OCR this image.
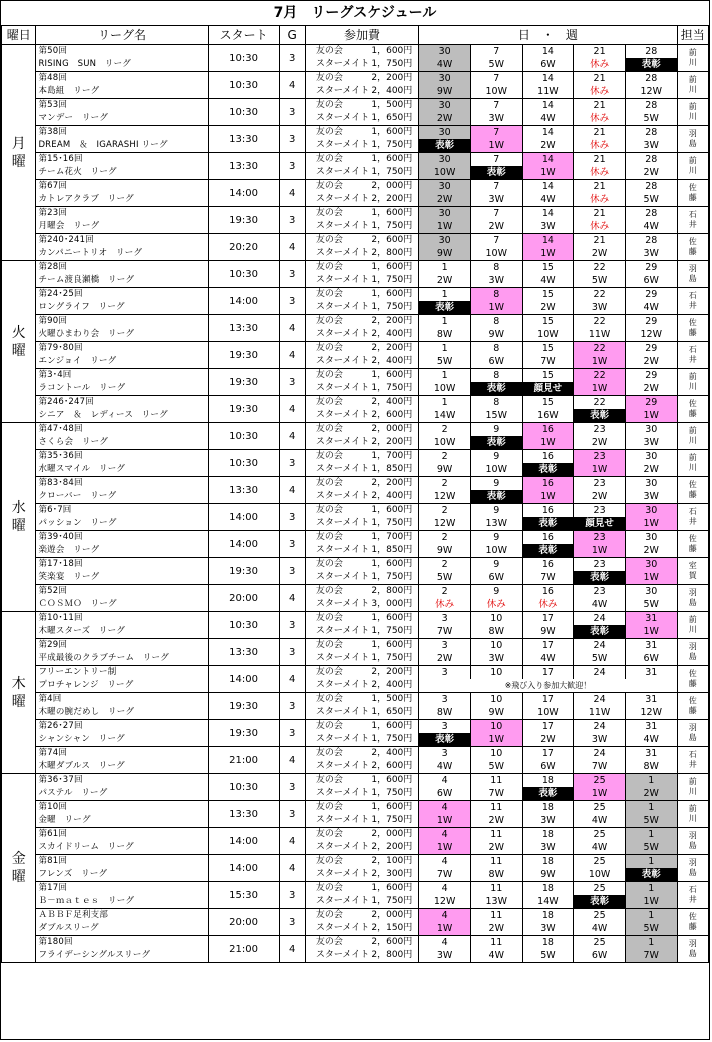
7月　リーグスケジュール											
曜日	リーグ名	スタート	G	参加費		日　・　週					担当
月
曜	第50回	10:30	3	友の会	1，600円	30	7	14	21	28	前
川
	RISING　SUN　リーグ			スターメイト	1，750円	4W	5W	6W	休み	表彰	
	第48回	10:30	4	友の会	2，200円	30	7	14	21	28	前
川
	本島組　リーグ			スターメイト	2，400円	9W	10W	11W	休み	12W	
	第53回	10:30	3	友の会	1，500円	30	7	14	21	28	前
川
	マンデー　リーグ			スターメイト	1，650円	2W	3W	4W	休み	5W	
	第38回	13:30	3	友の会	1，600円	30	7	14	21	28	羽
島
	DREAM　＆　IGARASHI リーグ			スターメイト	1，750円	表彰	1W	2W	休み	3W	
	第15･16回	13:30	3	友の会	1，600円	30	7	14	21	28	前
川
	チーム花火　リーグ			スターメイト	1，750円	10W	表彰	1W	休み	2W	
	第67回	14:00	4	友の会	2，000円	30	7	14	21	28	佐
藤
	カトレアクラブ　リーグ			スターメイト	2，200円	2W	3W	4W	休み	5W	
	第23回	19:30	3	友の会	1，600円	30	7	14	21	28	石
井
	月曜会　リーグ			スターメイト	1，750円	1W	2W	3W	休み	4W	
	第240･241回	20:20	4	友の会	2，600円	30	7	14	21	28	佐
藤
	カンパニートリオ　リーグ			スターメイト	2，800円	9W	10W	1W	2W	3W	
火
曜	第28回	10:30	3	友の会	1，600円	1	8	15	22	29	羽
島
	チーム渡良瀬橋　リーグ			スターメイト	1，750円	2W	3W	4W	5W	6W	
	第24･25回	14:00	3	友の会	1，600円	1	8	15	22	29	石
井
	ロングライフ　リーグ			スターメイト	1，750円	表彰	1W	2W	3W	4W	
	第90回	13:30	4	友の会	2，200円	1	8	15	22	29	佐
藤
	火曜ひまわり会　リーグ			スターメイト	2，400円	8W	9W	10W	11W	12W	
	第79･80回	19:30	4	友の会	2，200円	1	8	15	22	29	石
井
	エンジョイ　リーグ			スターメイト	2，400円	5W	6W	7W	1W	2W	
	第3･4回	19:30	3	友の会	1，600円	1	8	15	22	29	前
川
	ラコントール　リーグ			スターメイト	1，750円	10W	表彰	顔見せ	1W	2W	
	第246･247回	19:30	4	友の会	2，400円	1	8	15	22	29	佐
藤
	シニア　＆　レディース　リーグ			スターメイト	2，600円	14W	15W	16W	表彰	1W	
水
曜	第47･48回	10:30	4	友の会	2，000円	2	9	16	23	30	前
川
	さくら会　リーグ			スターメイト	2，200円	10W	表彰	1W	2W	3W	
	第35･36回	10:30	3	友の会	1，700円	2	9	16	23	30	前
川
	水曜スマイル　リーグ			スターメイト	1，850円	9W	10W	表彰	1W	2W	
	第83･84回	13:30	4	友の会	2，200円	2	9	16	23	30	佐
藤
	クローバー　リーグ			スターメイト	2，400円	12W	表彰	1W	2W	3W	
	第6･7回	14:00	3	友の会	1，600円	2	9	16	23	30	石
井
	パッション　リーグ			スターメイト	1，750円	12W	13W	表彰	顔見せ	1W	
	第39･40回	14:00	3	友の会	1，700円	2	9	16	23	30	佐
藤
	楽遊会　リーグ			スターメイト	1，850円	9W	10W	表彰	1W	2W	
	第17･18回	19:30	3	友の会	1，600円	2	9	16	23	30	室
賀
	笑楽宴　リーグ			スターメイト	1，750円	5W	6W	7W	表彰	1W	
	第52回	20:00	4	友の会	2，800円	2	9	16	23	30	羽
島
	ＣＯＳＭＯ　リーグ			スターメイト	3，000円	休み	休み	休み	4W	5W	
木
曜	第10･11回	10:30	3	友の会	1，600円	3	10	17	24	31	前
川
	木曜スターズ　リーグ			スターメイト	1，750円	7W	8W	9W	表彰	1W	
	第29回	13:30	3	友の会	1，600円	3	10	17	24	31	羽
島
	平成最後のクラブチーム　リーグ			スターメイト	1，750円	2W	3W	4W	5W	6W	
	フリーエントリー制	14:00	4	友の会	2，200円	3	10	17	24	31	佐
藤
	プロチャレンジ　リーグ			スターメイト	2，400円	※飛び入り参加大歓迎！					
	第4回	19:30	3	友の会	1，500円	3	10	17	24	31	佐
藤
	木曜の腕だめし　リーグ			スターメイト	1，650円	8W	9W	10W	11W	12W	
	第26･27回	19:30	3	友の会	1，600円	3	10	17	24	31	羽
島
	シャンシャン　リーグ			スターメイト	1，750円	表彰	1W	2W	3W	4W	
	第74回	21:00	4	友の会	2，400円	3	10	17	24	31	石
井
	木曜ダブルス　リーグ			スターメイト	2，600円	4W	5W	6W	7W	8W	
金
曜	第36･37回	10:30	3	友の会	1，600円	4	11	18	25	1	前
川
	パステル　リーグ			スターメイト	1，750円	6W	7W	表彰	1W	2W	
	第10回	13:30	3	友の会	1，600円	4	11	18	25	1	前
川
	金曜　リーグ			スターメイト	1，750円	1W	2W	3W	4W	5W	
	第61回	14:00	4	友の会	2，000円	4	11	18	25	1	羽
島
	スカイドリーム　リーグ			スターメイト	2，200円	1W	2W	3W	4W	5W	
	第81回	14:00	4	友の会	2，100円	4	11	18	25	1	羽
島
	フレンズ　リーグ			スターメイト	2，300円	7W	8W	9W	10W	表彰	
	第17回	15:30	3	友の会	1，600円	4	11	18	25	1	石
井
	Ｂ－ｍａｔｅｓ　リーグ			スターメイト	1，750円	12W	13W	14W	表彰	1W	
	ＡＢＢＦ足利支部	20:00	3	友の会	2，000円	4	11	18	25	1	佐
藤
	ダブルスリーグ			スターメイト	2，150円	1W	2W	3W	4W	5W	
	第180回	21:00	4	友の会	2，600円	4	11	18	25	1	羽
島
	フライデーシングルスリーグ			スターメイト	2，800円	3W	4W	5W	6W	7W	
